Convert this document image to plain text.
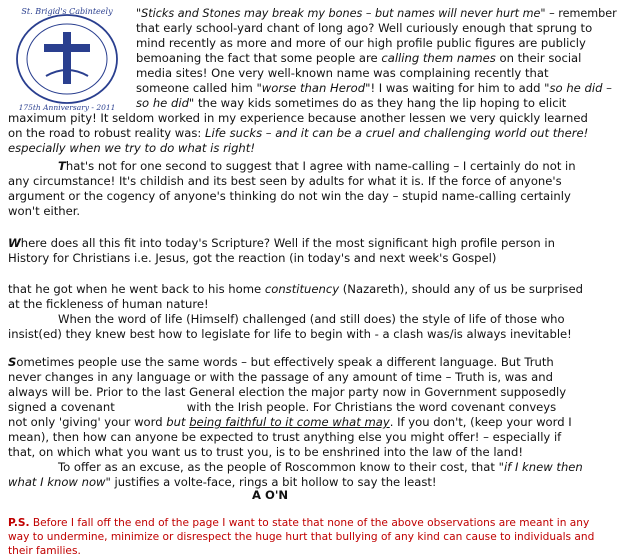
St. Brigid's Cabinteely
175th Anniversary - 2011

"Sticks and Stones may break my bones – but names will never hurt me" – remember

that early school-yard chant of long ago? Well curiously enough that sprung to

mind recently as more and more of our high profile public figures are publicly

bemoaning the fact that some people are calling them names on their social

media sites! One very well-known name was complaining recently that

someone called him "worse than Herod"! I was waiting for him to add "so he did –

so he did" the way kids sometimes do as they hang the lip hoping to elicit

maximum pity! It seldom worked in my experience because another lessen we very quickly learned

on the road to robust reality was: Life sucks – and it can be a cruel and challenging world out there!

especially when we try to do what is right!

That's not for one second to suggest that I agree with name-calling – I certainly do not in

any circumstance! It's childish and its best seen by adults for what it is. If the force of anyone's

argument or the cogency of anyone's thinking do not win the day – stupid name-calling certainly

won't either.

Where does all this fit into today's Scripture? Well if the most significant high profile person in

History for Christians i.e. Jesus, got the reaction (in today's and next week's Gospel)

that he got when he went back to his home constituency (Nazareth), should any of us be surprised

at the fickleness of human nature!

When the word of life (Himself) challenged (and still does) the style of life of those who

insist(ed) they knew best how to legislate for life to begin with - a clash was/is always inevitable!

Sometimes people use the same words – but effectively speak a different language. But Truth

never changes in any language or with the passage of any amount of time – Truth is, was and

always will be. Prior to the last General election the major party now in Government supposedly

signed a covenant	with the Irish people. For Christians the word covenant conveys

not only 'giving' your word but being faithful to it come what may. If you don't, (keep your word I

mean), then how can anyone be expected to trust anything else you might offer! – especially if

that, on which what you want us to trust you, is to be enshrined into the law of the land!

To offer as an excuse, as the people of Roscommon know to their cost, that "if I knew then

what I know now" justifies a volte-face, rings a bit hollow to say the least!

A O'N

P.S. Before I fall off the end of the page I want to state that none of the above observations are meant in any

way to undermine, minimize or disrespect the huge hurt that bullying of any kind can cause to individuals and

their families.
